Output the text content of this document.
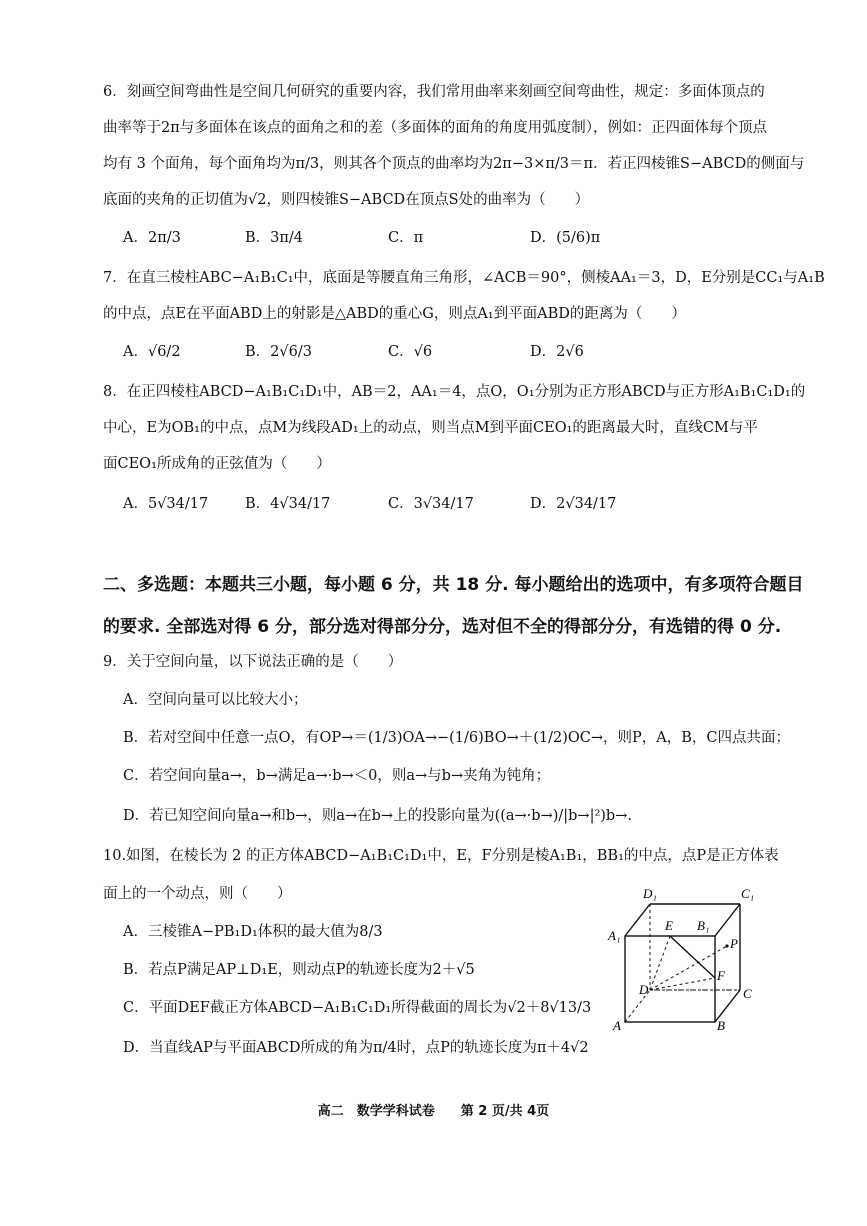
6．刻画空间弯曲性是空间几何研究的重要内容，我们常用曲率来刻画空间弯曲性，规定：多面体顶点的
曲率等于2π与多面体在该点的面角之和的差（多面体的面角的角度用弧度制），例如：正四面体每个顶点
均有 3 个面角，每个面角均为π/3，则其各个顶点的曲率均为2π−3×π/3＝π．若正四棱锥S−ABCD的侧面与
底面的夹角的正切值为√2，则四棱锥S−ABCD在顶点S处的曲率为（　　）
A．2π/3	B．3π/4	C．π	D．(5/6)π
7．在直三棱柱ABC−A₁B₁C₁中，底面是等腰直角三角形，∠ACB＝90°，侧棱AA₁＝3，D，E分别是CC₁与A₁B
的中点，点E在平面ABD上的射影是△ABD的重心G，则点A₁到平面ABD的距离为（　　）
A．√6/2	B．2√6/3	C．√6	D．2√6
8．在正四棱柱ABCD−A₁B₁C₁D₁中，AB＝2，AA₁＝4，点O，O₁分别为正方形ABCD与正方形A₁B₁C₁D₁的
中心，E为OB₁的中点，点M为线段AD₁上的动点，则当点M到平面CEO₁的距离最大时，直线CM与平
面CEO₁所成角的正弦值为（　　）
A．5√34/17	B．4√34/17	C．3√34/17	D．2√34/17
二、多选题：本题共三小题，每小题 6 分，共 18 分. 每小题给出的选项中，有多项符合题目
的要求. 全部选对得 6 分，部分选对得部分分，选对但不全的得部分分，有选错的得 0 分.
9．关于空间向量，以下说法正确的是（　　）
A．空间向量可以比较大小；
B．若对空间中任意一点O，有OP→＝(1/3)OA→−(1/6)BO→＋(1/2)OC→，则P，A，B，C四点共面；
C．若空间向量a→，b→满足a→·b→＜0，则a→与b→夹角为钝角；
D．若已知空间向量a→和b→，则a→在b→上的投影向量为((a→·b→)/|b→|²)b→.
10.如图，在棱长为 2 的正方体ABCD−A₁B₁C₁D₁中，E，F分别是棱A₁B₁，BB₁的中点，点P是正方体表
面上的一个动点，则（　　）
A．三棱锥A−PB₁D₁体积的最大值为8/3
B．若点P满足AP⊥D₁E，则动点P的轨迹长度为2＋√5
C．平面DEF截正方体ABCD−A₁B₁C₁D₁所得截面的周长为√2＋8√13/3
D．当直线AP与平面ABCD所成的角为π/4时，点P的轨迹长度为π＋4√2
D₁	C₁
A₁
E B₁
P
F
D	C
A	B
高二　数学学科试卷　　第 2 页/共 4页
